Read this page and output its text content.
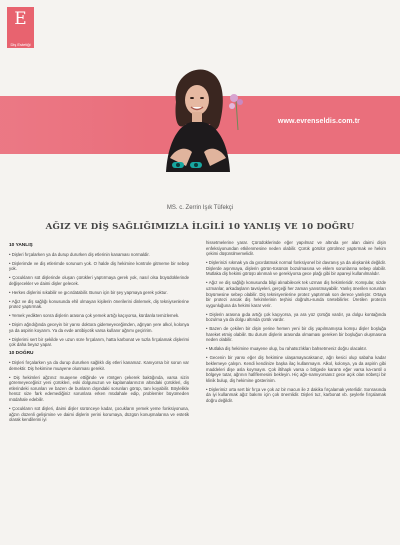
E
Diş Estetiği
www.evrenseldis.com.tr
MS. c. Zerrin Işık Tüfekçi
AĞIZ VE DİŞ SAĞLIĞIMIZLA İLGİLİ 10 YANLIŞ VE 10 DOĞRU
10 YANLIŞ

• Dişleri fırçalarken ya da durup dururken diş etlerinin kanaması normaldir.

• Dişlerimde ve diş etlerimde sorunum yok. O halde diş hekimine kontrole gitmeme bir sebep yok.

• Çocukların süt dişlerinde oluşan çürükleri yaptırmaya gerek yok, nasıl olsa büyüdüklerinde değişecekler ve daimi dişler gelecek.

• Herkes dişlerini sıkabilir ve gıcırdatabilir. Bunun için bir şey yapmaya gerek yoktur.

• Ağız ve diş sağlığı konusunda ehil olmayan kişilerin önerilerini dinlemek, diş tekniysenlerine protez yaptırmak.

• Yemek yedikten sonra dişlerin arasına çok yemek artığı kaçıyorsa, kürdanla temizlemek.

• Dişim ağrıdığında geceyin bir yarısı doktora gidemeyeceğimden, ağrıyan yere alkol, kolonya ya da aspirin koyarım. Ya da evde antibiyotik varsa kullanır ağrımı geçiririm.

• Dişlerimi sert bir şekilde ve uzun süre fırçalarım, hatta karbonat ve tuzla fırçalamak dişlerimi çok daha beyaz yapar.

10 DOĞRU

• Dişleri fırçalarken ya da durup dururken sağlıklı diş etleri kanamaz. Kanıyorsa bir sorun var demektir. Diş hekimine muayene olunması gerekir.

• Diş hekimleri ağzınız muayene ettiğinde ve röntgen çekerek baktığında, varsa sizin göremeyeceğiniz yeni çürükleri, eski dolgunuzun ve kaplamalarınızın altındaki çürükleri, diş etlerindeki sorunları ve bazen de bunların dışındaki sorunları görüp, tanı koyabilir. Böylelikle henüz size fark edemediğiniz sorunlara erken müdahale edip, problemler büyümeden müdahale edebilir.

• Çocukların süt dişleri, daimi dişler sürünceye kadar, çocukların yemek yeme fonksiyonuna, ağzın düzenli gelişimine ve daimi dişlerin yerini korumaya, düzgün konuşmalarına ve estetik olarak kendilerini iyi

hissetmelerine yarar. Çürüdüklerinde eğer yapılmaz ve altında yer alan daimi dişin enfeksiyonundan etkilenmesine neden olabilir. Çürük görülür görülmez yaptırmak ve hekim çekimi düşünülmemelidir.

• Dişlerinizi sıkmak ya da gıcırdatmak normal fonksiyonel bir davranış ya da alışkanlık değildir. Dişlerde aşınmaya, dişlerin görün-tüsünün bozulmasına ve eklem sorunlarına sebep olabilir. Mutlaka diş hekimi görüşü alınmalı ve gerekiyorsa gece plağı gibi bir apareyi kullanılmalıdır.

• Ağız ve diş sağlığı konusunda bilgi alınabilecek tek uzman diş hekimleridir. Komşular, sizde uzmanlar, arkadaşların tavsiyeleri, gerçeği her zaman yansıtmayabilir. Yanlış önerilen sorunları büyümesine sebep olabilir. Diş teknisyenlerine protez yaptırmak son derece yanlıştır. Ortaya bir protezi ancak diş hekimlerinin teşhisi doğrultu-sunda üretebilirler. Üretilen protezin uygunluğuna da hekimi karar verir.

• Dişlerin arasına gıda artığı çok kaçıyorsa, ya ara yüz çürüğü vardır, ya dolgu kontağında bozulma ya da dolgu altında çürük vardır.

• Bazen de çekilen bir dişin yerine hemen yeni bir diş yapılmamışsa komşu dişler boşluğa hareket etmiş olabilir. Bu durum dişlerin arasında olmaması gereken bir boşluğun oluşmasına neden olabilir.

• Mutlaka diş hekimine muayene olup, bu rahatsızlıkları bahsetmeniz doğru olacaktır.

• Gecenin bir yarısı eğer diş hekimine ulaşamayacaksanız, ağrı kesici olup sabaha kadar beklemeye çalışın. Kendi kendinize başka ilaç kullanmayın. Alkol, kolonya, ya da aspirin gibi maddeleri dişe asla koymayın. Çok iltihaplı varsa o bölgede karantı eğer varsa ka-rantil o bölgeye tutar, ağrının hafiflemesini bekleyin. Hiç ağrı-namıyorsanız gece açık olan nöbetçi bir klinik bulup, diş hekimine gösterinim.

• Dişlerimiz orta sert bir fırça ve çok az bir macun ile 2 dakika fırçalamak yeterlidir. Sonrasında da iyi kullanmak ağız bakımı için çok önemlidir. Dişleri tuz, karbonat vb. şeylerle fırçalamak doğru değildir.
